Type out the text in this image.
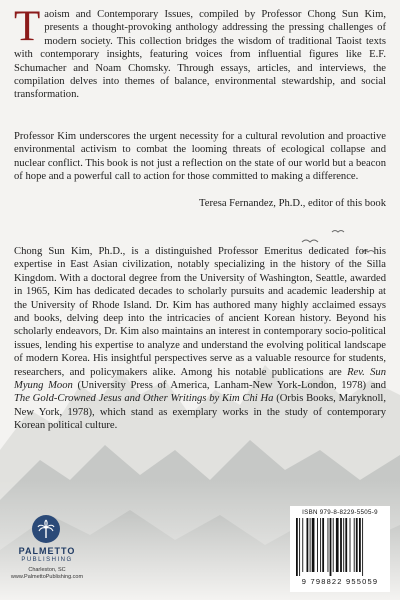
Taoism and Contemporary Issues, compiled by Professor Chong Sun Kim, presents a thought-provoking anthology addressing the pressing challenges of modern society. This collection bridges the wisdom of traditional Taoist texts with contemporary insights, featuring voices from influential figures like E.F. Schumacher and Noam Chomsky. Through essays, articles, and interviews, the compilation delves into themes of balance, environmental stewardship, and social transformation.

Professor Kim underscores the urgent necessity for a cultural revolution and proactive environmental activism to combat the looming threats of ecological collapse and nuclear conflict. This book is not just a reflection on the state of our world but a beacon of hope and a powerful call to action for those committed to making a difference.

Teresa Fernandez, Ph.D., editor of this book

Chong Sun Kim, Ph.D., is a distinguished Professor Emeritus dedicated for his expertise in East Asian civilization, notably specializing in the history of the Silla Kingdom. With a doctoral degree from the University of Washington, Seattle, awarded in 1965, Kim has dedicated decades to scholarly pursuits and academic leadership at the University of Rhode Island. Dr. Kim has authored many highly acclaimed essays and books, delving deep into the intricacies of ancient Korean history. Beyond his scholarly endeavors, Dr. Kim also maintains an interest in contemporary socio-political issues, lending his expertise to analyze and understand the evolving political landscape of modern Korea. His insightful perspectives serve as a valuable resource for students, researchers, and policymakers alike. Among his notable publications are Rev. Sun Myung Moon (University Press of America, Lanham-New York-London, 1978) and The Gold-Crowned Jesus and Other Writings by Kim Chi Ha (Orbis Books, Maryknoll, New York, 1978), which stand as exemplary works in the study of contemporary Korean political culture.

PALMETTO
PUBLISHING
Charleston, SC
www.PalmettoPublishing.com
ISBN 979-8-8229-5505-9
9 798822 955059
